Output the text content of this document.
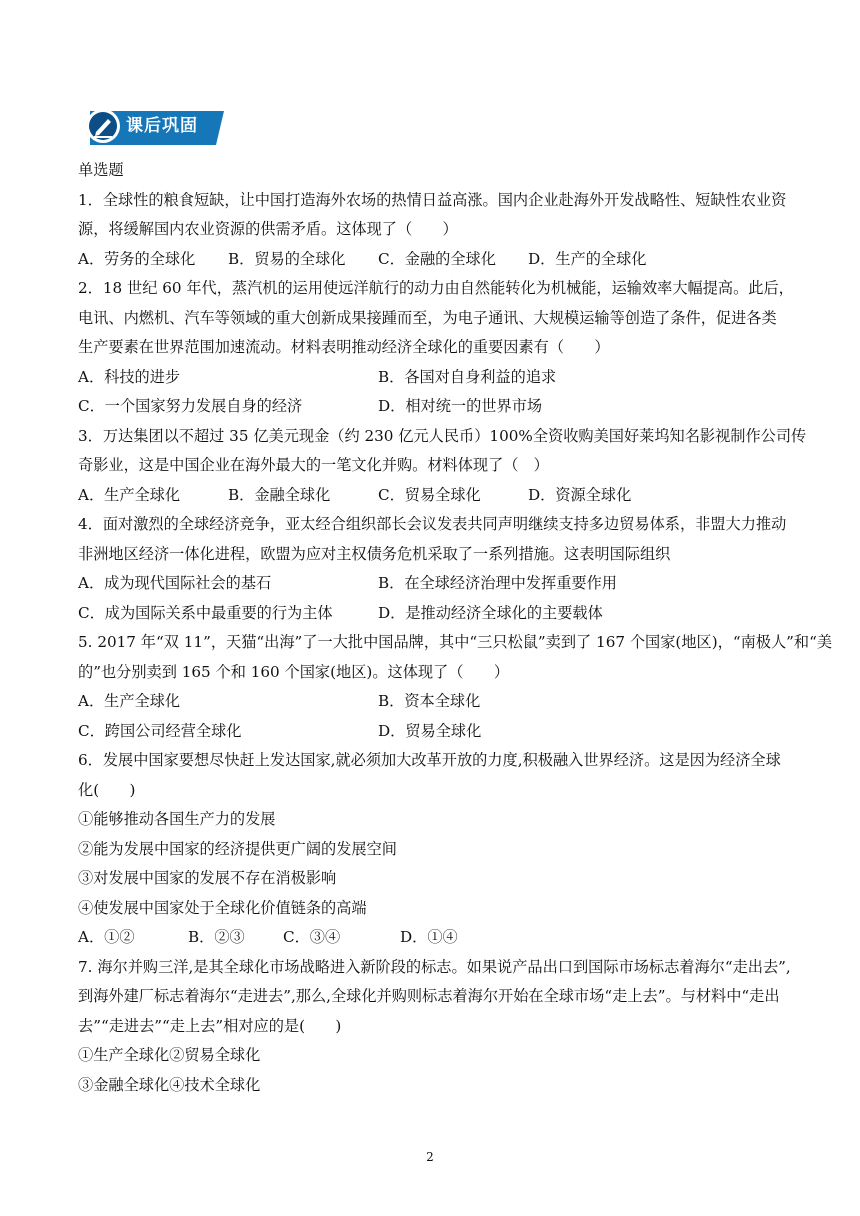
课后巩固
单选题
1．全球性的粮食短缺，让中国打造海外农场的热情日益高涨。国内企业赴海外开发战略性、短缺性农业资
源，将缓解国内农业资源的供需矛盾。这体现了（　　）
A．劳务的全球化 B．贸易的全球化 C．金融的全球化 D．生产的全球化
2．18 世纪 60 年代，蒸汽机的运用使远洋航行的动力由自然能转化为机械能，运输效率大幅提高。此后，
电讯、内燃机、汽车等领域的重大创新成果接踵而至，为电子通讯、大规模运输等创造了条件，促进各类
生产要素在世界范围加速流动。材料表明推动经济全球化的重要因素有（　　）
A．科技的进步	B．各国对自身利益的追求
C．一个国家努力发展自身的经济	D．相对统一的世界市场
3．万达集团以不超过 35 亿美元现金（约 230 亿元人民币）100%全资收购美国好莱坞知名影视制作公司传
奇影业，这是中国企业在海外最大的一笔文化并购。材料体现了（　）
A．生产全球化	B．金融全球化	C．贸易全球化	D．资源全球化
4．面对激烈的全球经济竞争，亚太经合组织部长会议发表共同声明继续支持多边贸易体系，非盟大力推动
非洲地区经济一体化进程，欧盟为应对主权债务危机采取了一系列措施。这表明国际组织
A．成为现代国际社会的基石	B．在全球经济治理中发挥重要作用
C．成为国际关系中最重要的行为主体	D．是推动经济全球化的主要载体
5. 2017 年“双 11”，天猫“出海”了一大批中国品牌，其中“三只松鼠”卖到了 167 个国家(地区)，“南极人”和“美
的”也分别卖到 165 个和 160 个国家(地区)。这体现了（　　）
A．生产全球化	B．资本全球化
C．跨国公司经营全球化	D．贸易全球化
6．发展中国家要想尽快赶上发达国家,就必须加大改革开放的力度,积极融入世界经济。这是因为经济全球
化(　　)
①能够推动各国生产力的发展
②能为发展中国家的经济提供更广阔的发展空间
③对发展中国家的发展不存在消极影响
④使发展中国家处于全球化价值链条的高端
A．①②	B．②③	C．③④	D．①④
7. 海尔并购三洋,是其全球化市场战略进入新阶段的标志。如果说产品出口到国际市场标志着海尔“走出去”,
到海外建厂标志着海尔“走进去”,那么,全球化并购则标志着海尔开始在全球市场“走上去”。与材料中“走出
去”“走进去”“走上去”相对应的是(　　)
①生产全球化②贸易全球化
③金融全球化④技术全球化
2
